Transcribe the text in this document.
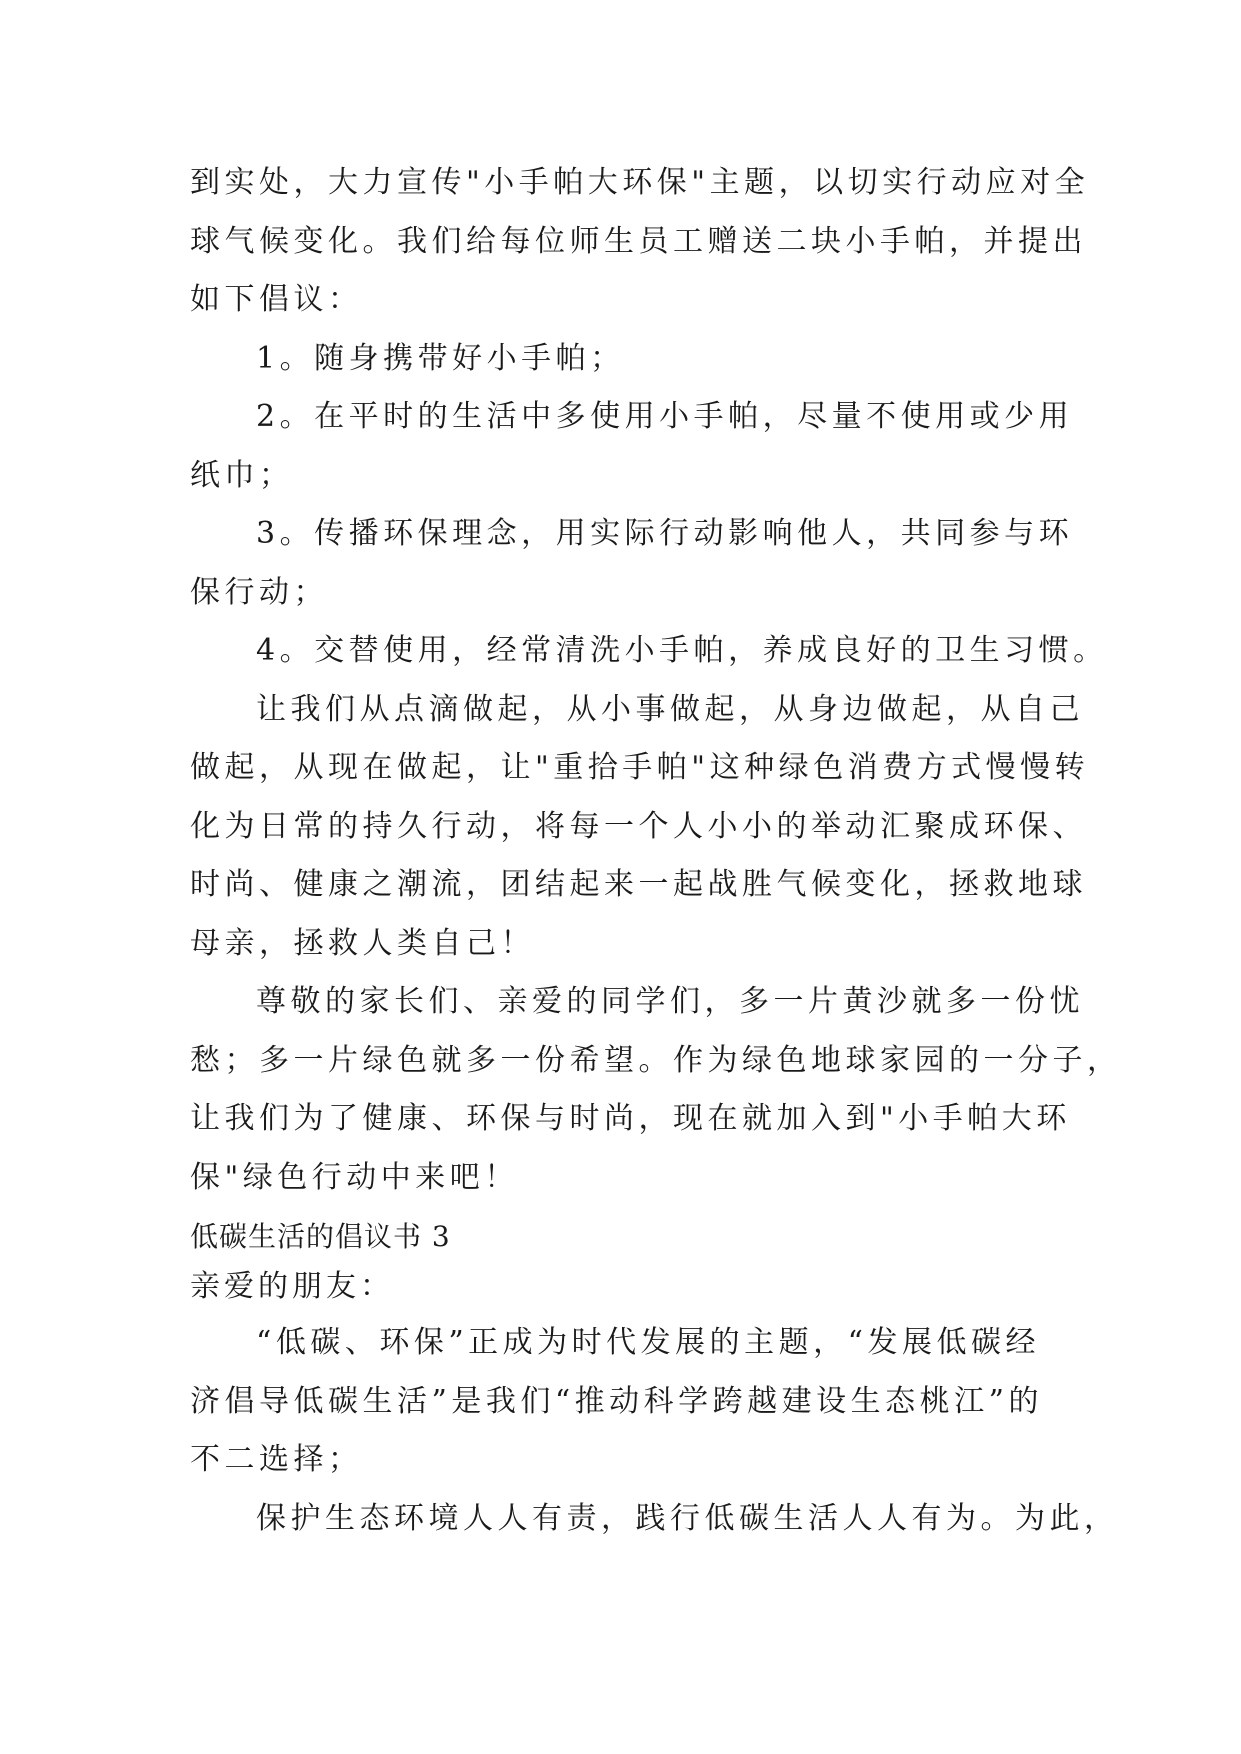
到实处，大力宣传"小手帕大环保"主题，以切实行动应对全

球气候变化。我们给每位师生员工赠送二块小手帕，并提出

如下倡议：

1。随身携带好小手帕；

2。在平时的生活中多使用小手帕，尽量不使用或少用

纸巾；

3。传播环保理念，用实际行动影响他人，共同参与环

保行动；

4。交替使用，经常清洗小手帕，养成良好的卫生习惯。

让我们从点滴做起，从小事做起，从身边做起，从自己

做起，从现在做起，让"重拾手帕"这种绿色消费方式慢慢转

化为日常的持久行动，将每一个人小小的举动汇聚成环保、

时尚、健康之潮流，团结起来一起战胜气候变化，拯救地球

母亲，拯救人类自己！

尊敬的家长们、亲爱的同学们，多一片黄沙就多一份忧

愁；多一片绿色就多一份希望。作为绿色地球家园的一分子，

让我们为了健康、环保与时尚，现在就加入到"小手帕大环

保"绿色行动中来吧！

低碳生活的倡议书 3

亲爱的朋友：

“低碳、环保”正成为时代发展的主题，“发展低碳经

济倡导低碳生活”是我们“推动科学跨越建设生态桃江”的

不二选择；

保护生态环境人人有责，践行低碳生活人人有为。为此，
